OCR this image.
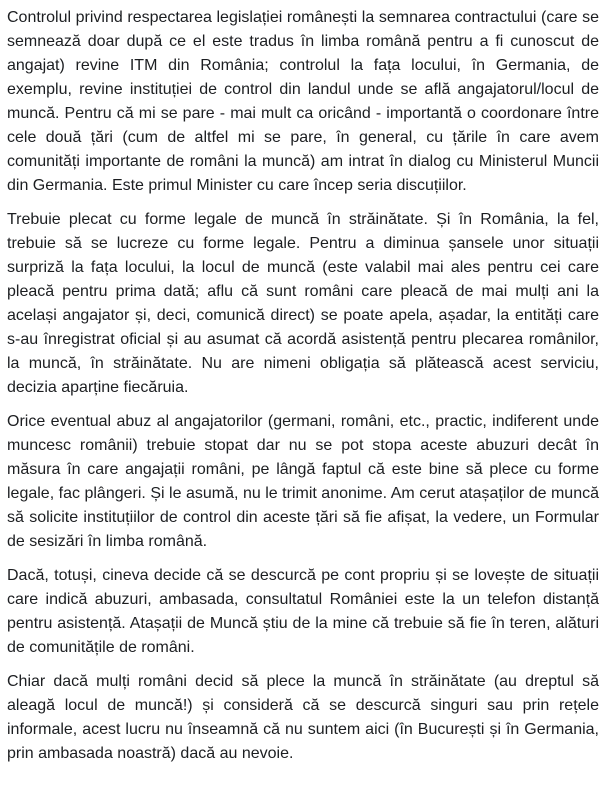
Controlul privind respectarea legislației românești la semnarea contractului (care se semnează doar după ce el este tradus în limba română pentru a fi cunoscut de angajat) revine ITM din România; controlul la fața locului, în Germania, de exemplu, revine instituției de control din landul unde se află angajatorul/locul de muncă. Pentru că mi se pare - mai mult ca oricând - importantă o coordonare între cele două țări (cum de altfel mi se pare, în general, cu țările în care avem comunități importante de români la muncă) am intrat în dialog cu Ministerul Muncii din Germania. Este primul Minister cu care încep seria discuțiilor.

Trebuie plecat cu forme legale de muncă în străinătate. Și în România, la fel, trebuie să se lucreze cu forme legale. Pentru a diminua șansele unor situații surpriză la fața locului, la locul de muncă (este valabil mai ales pentru cei care pleacă pentru prima dată; aflu că sunt români care pleacă de mai mulți ani la același angajator și, deci, comunică direct) se poate apela, așadar, la entități care s-au înregistrat oficial și au asumat că acordă asistență pentru plecarea românilor, la muncă, în străinătate. Nu are nimeni obligația să plătească acest serviciu, decizia aparține fiecăruia.

Orice eventual abuz al angajatorilor (germani, români, etc., practic, indiferent unde muncesc românii) trebuie stopat dar nu se pot stopa aceste abuzuri decât în măsura în care angajații români, pe lângă faptul că este bine să plece cu forme legale, fac plângeri. Și le asumă, nu le trimit anonime. Am cerut atașaților de muncă să solicite instituțiilor de control din aceste țări să fie afișat, la vedere, un Formular de sesizări în limba română.

Dacă, totuși, cineva decide că se descurcă pe cont propriu și se lovește de situații care indică abuzuri, ambasada, consultatul României este la un telefon distanță pentru asistență. Atașații de Muncă știu de la mine că trebuie să fie în teren, alături de comunitățile de români.

Chiar dacă mulți români decid să plece la muncă în străinătate (au dreptul să aleagă locul de muncă!) și consideră că se descurcă singuri sau prin rețele informale, acest lucru nu înseamnă că nu suntem aici (în București și în Germania, prin ambasada noastră) dacă au nevoie.
